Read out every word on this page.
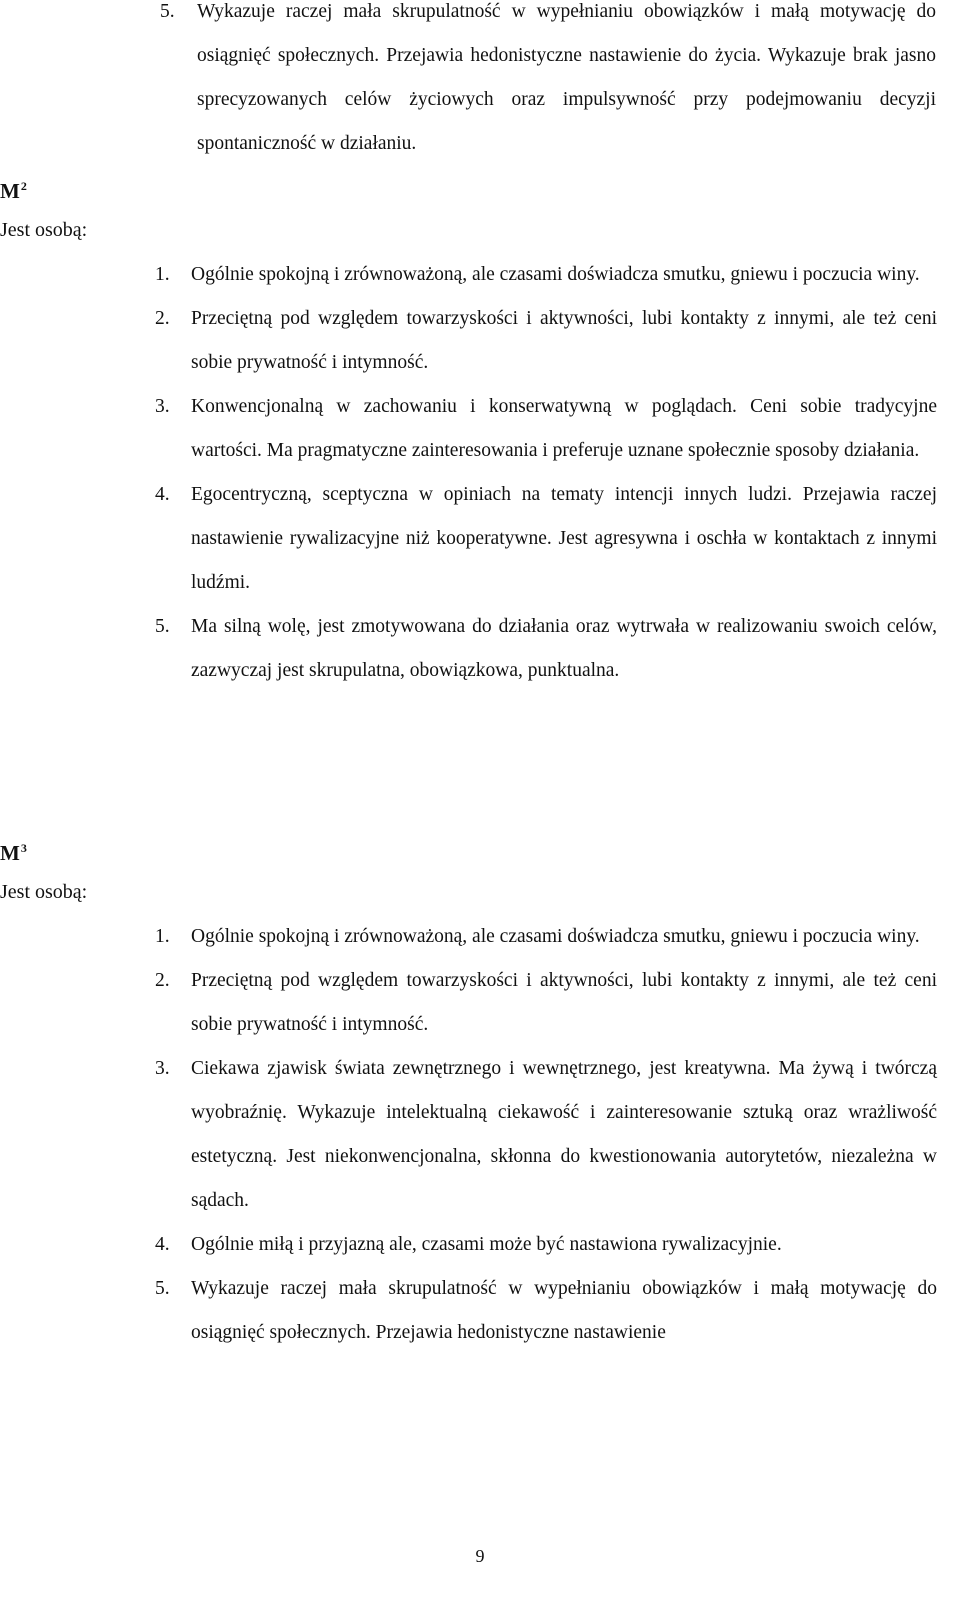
5. Wykazuje raczej mała skrupulatność w wypełnianiu obowiązków i małą motywację do osiągnięć społecznych. Przejawia hedonistyczne nastawienie do życia. Wykazuje brak jasno sprecyzowanych celów życiowych oraz impulsywność przy podejmowaniu decyzji spontaniczność w działaniu.
$M^2$
Jest osobą:
1. Ogólnie spokojną i zrównoważoną, ale czasami doświadcza smutku, gniewu i poczucia winy.
2. Przeciętną pod względem towarzyskości i aktywności, lubi kontakty z innymi, ale też ceni sobie prywatność i intymność.
3. Konwencjonalną w zachowaniu i konserwatywną w poglądach. Ceni sobie tradycyjne wartości. Ma pragmatyczne zainteresowania i preferuje uznane społecznie sposoby działania.
4. Egocentryczną, sceptyczna w opiniach na tematy intencji innych ludzi. Przejawia raczej nastawienie rywalizacyjne niż kooperatywne. Jest agresywna i oschła w kontaktach z innymi ludźmi.
5. Ma silną wolę, jest zmotywowana do działania oraz wytrwała w realizowaniu swoich celów, zazwyczaj jest skrupulatna, obowiązkowa, punktualna.
$M^3$
Jest osobą:
1. Ogólnie spokojną i zrównoważoną, ale czasami doświadcza smutku, gniewu i poczucia winy.
2. Przeciętną pod względem towarzyskości i aktywności, lubi kontakty z innymi, ale też ceni sobie prywatność i intymność.
3. Ciekawa zjawisk świata zewnętrznego i wewnętrznego, jest kreatywna. Ma żywą i twórczą wyobraźnię. Wykazuje intelektualną ciekawość i zainteresowanie sztuką oraz wrażliwość estetyczną. Jest niekonwencjonalna, skłonna do kwestionowania autorytetów, niezależna w sądach.
4. Ogólnie miłą i przyjazną ale, czasami może być nastawiona rywalizacyjnie.
5. Wykazuje raczej mała skrupulatność w wypełnianiu obowiązków i małą motywację do osiągnięć społecznych. Przejawia hedonistyczne nastawienie
9
